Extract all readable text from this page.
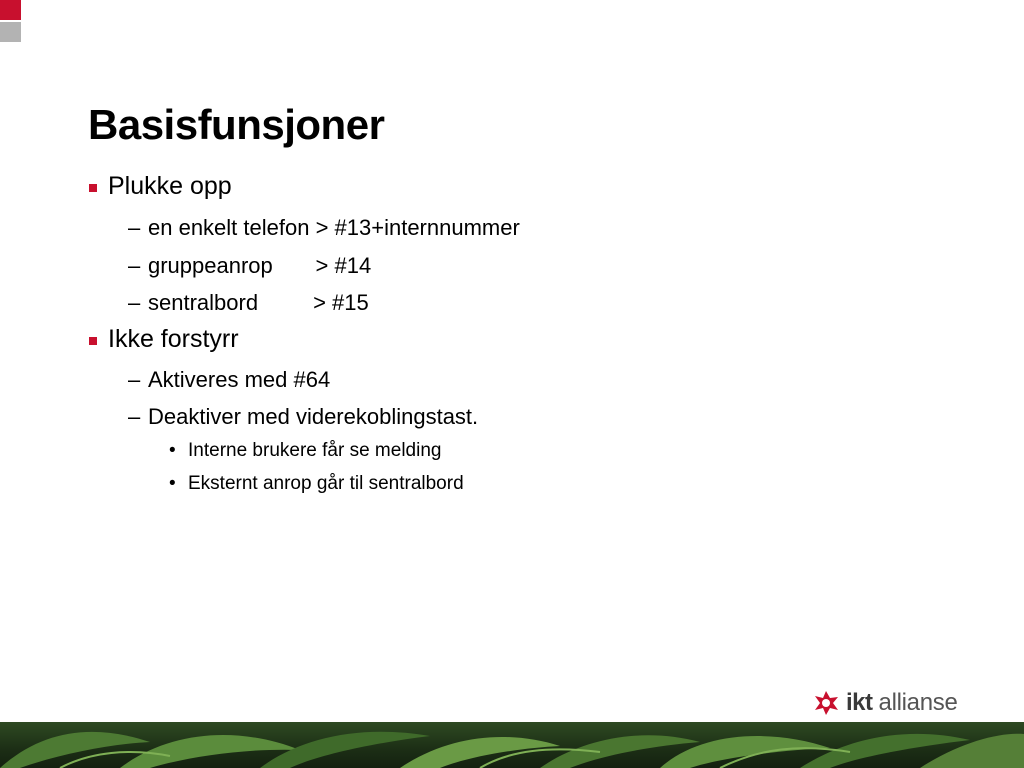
Basisfunsjoner
Plukke opp
– en enkelt telefon > #13+internnummer
– gruppeanrop       > #14
– sentralbord         > #15
Ikke forstyrr
– Aktiveres med #64
– Deaktiver med viderekoblingstast.
• Interne brukere får se melding
• Eksternt anrop går til sentralbord
ikt allianse
